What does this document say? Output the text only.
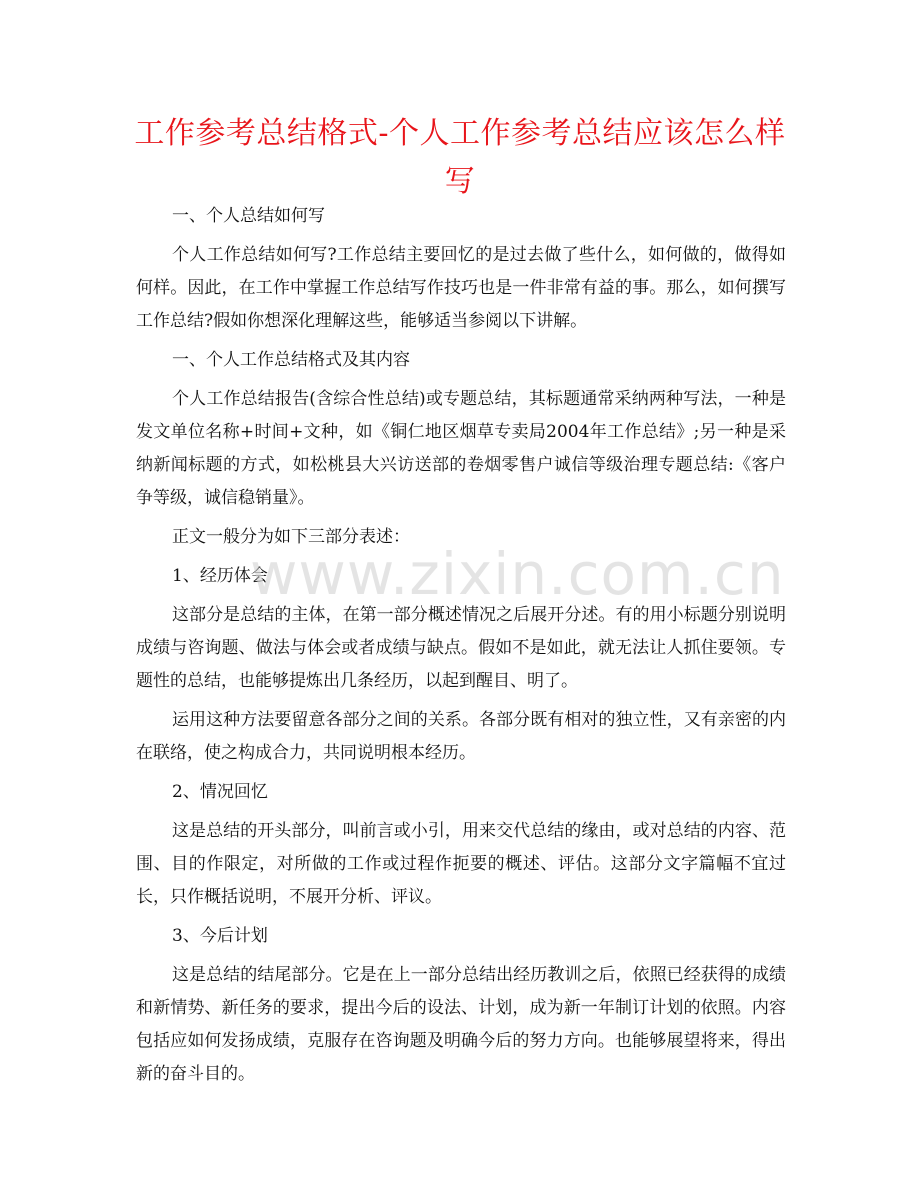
工作参考总结格式-个人工作参考总结应该怎么样写

一、个人总结如何写

个人工作总结如何写?工作总结主要回忆的是过去做了些什么，如何做的，做得如何样。因此，在工作中掌握工作总结写作技巧也是一件非常有益的事。那么，如何撰写工作总结?假如你想深化理解这些，能够适当参阅以下讲解。

一、个人工作总结格式及其内容

个人工作总结报告(含综合性总结)或专题总结，其标题通常采纳两种写法，一种是发文单位名称+时间+文种，如《铜仁地区烟草专卖局2004年工作总结》;另一种是采纳新闻标题的方式，如松桃县大兴访送部的卷烟零售户诚信等级治理专题总结:《客户争等级，诚信稳销量》。

正文一般分为如下三部分表述：

1、经历体会

这部分是总结的主体，在第一部分概述情况之后展开分述。有的用小标题分别说明成绩与咨询题、做法与体会或者成绩与缺点。假如不是如此，就无法让人抓住要领。专题性的总结，也能够提炼出几条经历，以起到醒目、明了。

运用这种方法要留意各部分之间的关系。各部分既有相对的独立性，又有亲密的内在联络，使之构成合力，共同说明根本经历。

2、情况回忆

这是总结的开头部分，叫前言或小引，用来交代总结的缘由，或对总结的内容、范围、目的作限定，对所做的工作或过程作扼要的概述、评估。这部分文字篇幅不宜过长，只作概括说明，不展开分析、评议。

3、今后计划

这是总结的结尾部分。它是在上一部分总结出经历教训之后，依照已经获得的成绩和新情势、新任务的要求，提出今后的设法、计划，成为新一年制订计划的依照。内容包括应如何发扬成绩，克服存在咨询题及明确今后的努力方向。也能够展望将来，得出新的奋斗目的。

www.zixin.com.cn
